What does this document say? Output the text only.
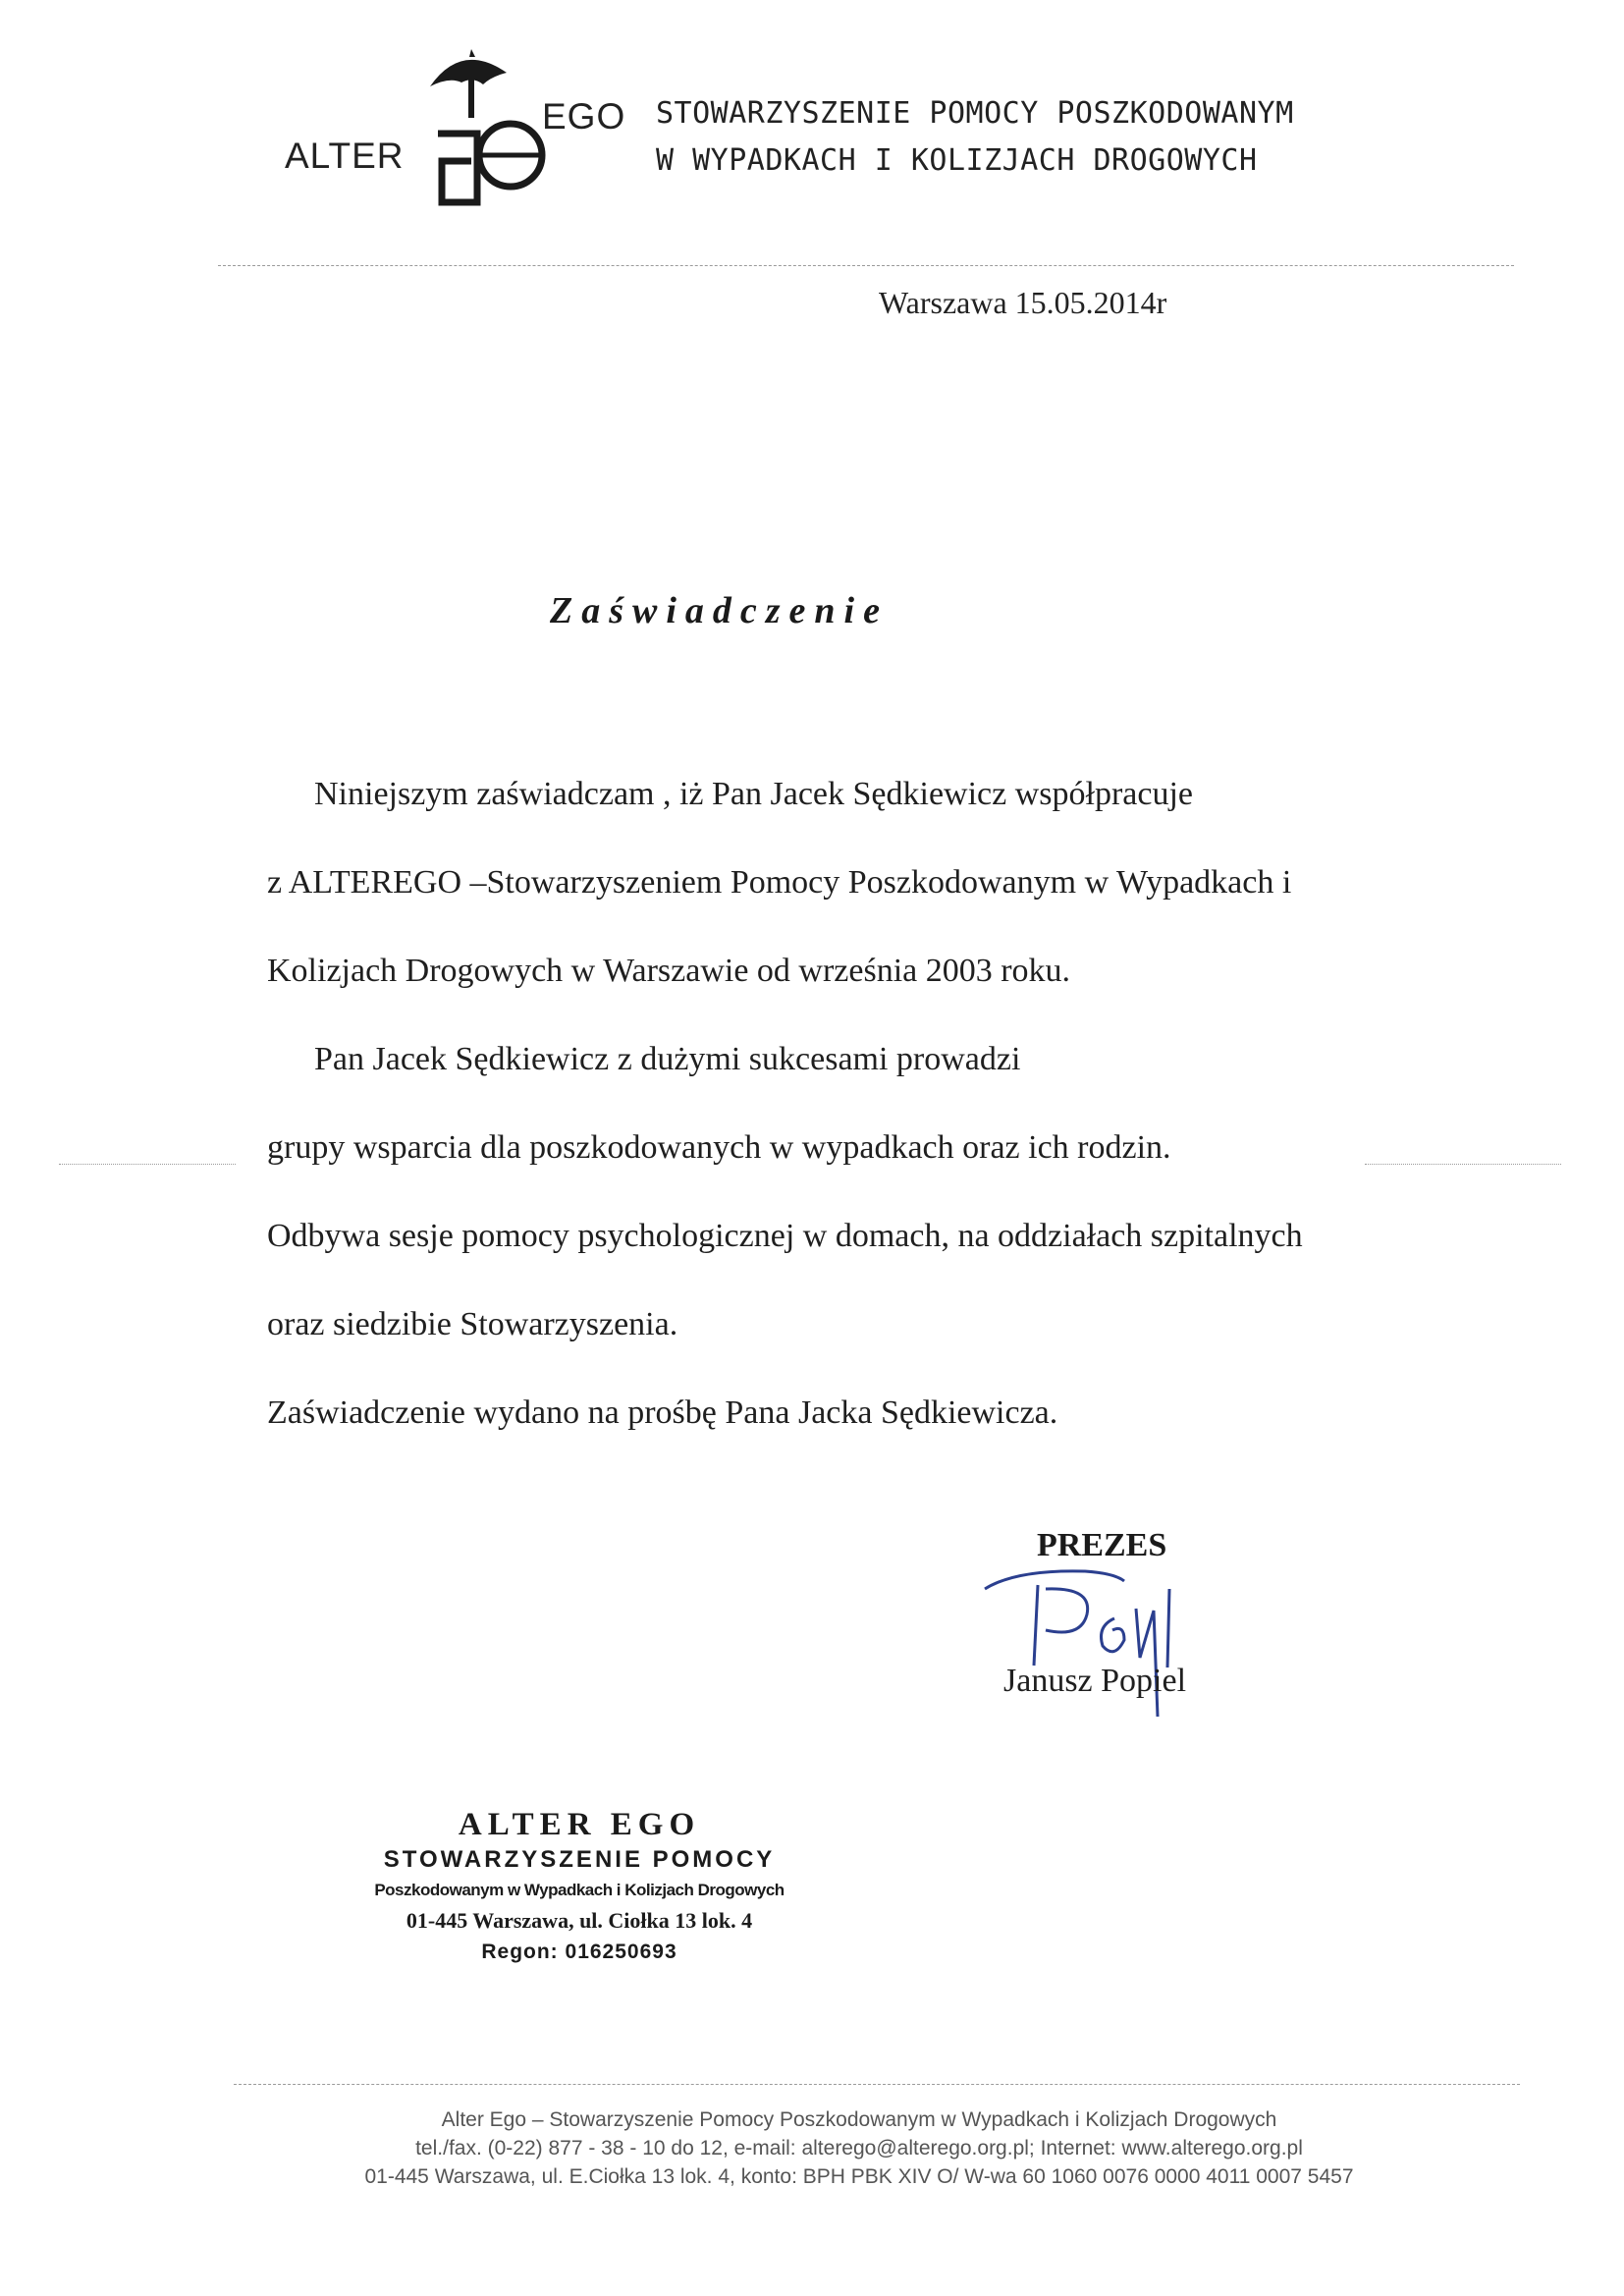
ALTER
EGO STOWARZYSZENIE POMOCY POSZKODOWANYM
W WYPADKACH I KOLIZJACH DROGOWYCH
Warszawa 15.05.2014r
Zaświadczenie
Niniejszym zaświadczam , iż Pan Jacek Sędkiewicz współpracuje
z ALTEREGO –Stowarzyszeniem Pomocy Poszkodowanym w Wypadkach i
Kolizjach Drogowych w Warszawie od września 2003 roku.
Pan Jacek Sędkiewicz z dużymi sukcesami prowadzi
grupy wsparcia dla poszkodowanych w wypadkach oraz ich rodzin.
Odbywa sesje pomocy psychologicznej w domach, na oddziałach szpitalnych
oraz siedzibie Stowarzyszenia.
Zaświadczenie wydano na prośbę Pana Jacka Sędkiewicza.
PREZES
Janusz Popiel
ALTER EGO
STOWARZYSZENIE POMOCY
Poszkodowanym w Wypadkach i Kolizjach Drogowych
01-445 Warszawa, ul. Ciołka 13 lok. 4
Regon: 016250693
Alter Ego – Stowarzyszenie Pomocy Poszkodowanym w Wypadkach i Kolizjach Drogowych
tel./fax. (0-22) 877 - 38 - 10 do 12, e-mail: alterego@alterego.org.pl; Internet: www.alterego.org.pl
01-445 Warszawa, ul. E.Ciołka 13 lok. 4, konto: BPH PBK XIV O/ W-wa 60 1060 0076 0000 4011 0007 5457
